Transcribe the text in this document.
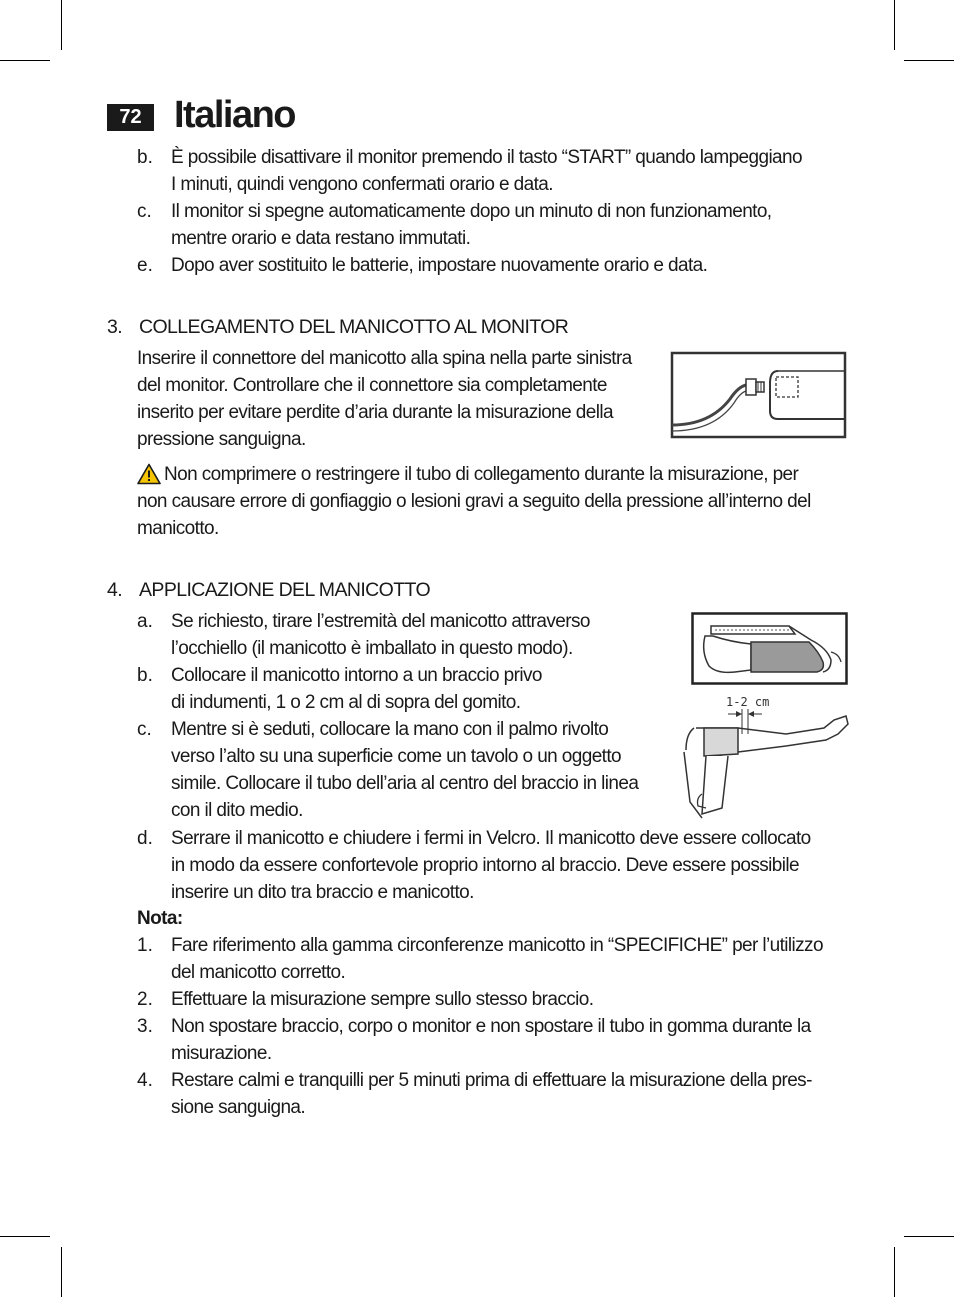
72 Italiano
b. È possibile disattivare il monitor premendo il tasto “START” quando lampeggiano
I minuti, quindi vengono confermati orario e data.
c. Il monitor si spegne automaticamente dopo un minuto di non funzionamento,
mentre orario e data restano immutati.
e. Dopo aver sostituito le batterie, impostare nuovamente orario e data.
3. COLLEGAMENTO DEL MANICOTTO AL MONITOR
Inserire il connettore del manicotto alla spina nella parte sinistra
del monitor. Controllare che il connettore sia completamente
inserito per evitare perdite d’aria durante la misurazione della
pressione sanguigna.
Non comprimere o restringere il tubo di collegamento durante la misurazione, per
non causare errore di gonfiaggio o lesioni gravi a seguito della pressione all’interno del
manicotto.
4. APPLICAZIONE DEL MANICOTTO
a. Se richiesto, tirare l’estremità del manicotto attraverso
l’occhiello (il manicotto è imballato in questo modo).
b. Collocare il manicotto intorno a un braccio privo
di indumenti, 1 o 2 cm al di sopra del gomito.
c. Mentre si è seduti, collocare la mano con il palmo rivolto
verso l’alto su una superficie come un tavolo o un oggetto
simile. Collocare il tubo dell’aria al centro del braccio in linea
con il dito medio.
d. Serrare il manicotto e chiudere i fermi in Velcro. Il manicotto deve essere collocato
in modo da essere confortevole proprio intorno al braccio. Deve essere possibile
inserire un dito tra braccio e manicotto.
1-2 cm
Nota:
1. Fare riferimento alla gamma circonferenze manicotto in “SPECIFICHE” per l’utilizzo
del manicotto corretto.
2. Effettuare la misurazione sempre sullo stesso braccio.
3. Non spostare braccio, corpo o monitor e non spostare il tubo in gomma durante la
misurazione.
4. Restare calmi e tranquilli per 5 minuti prima di effettuare la misurazione della pres-
sione sanguigna.
